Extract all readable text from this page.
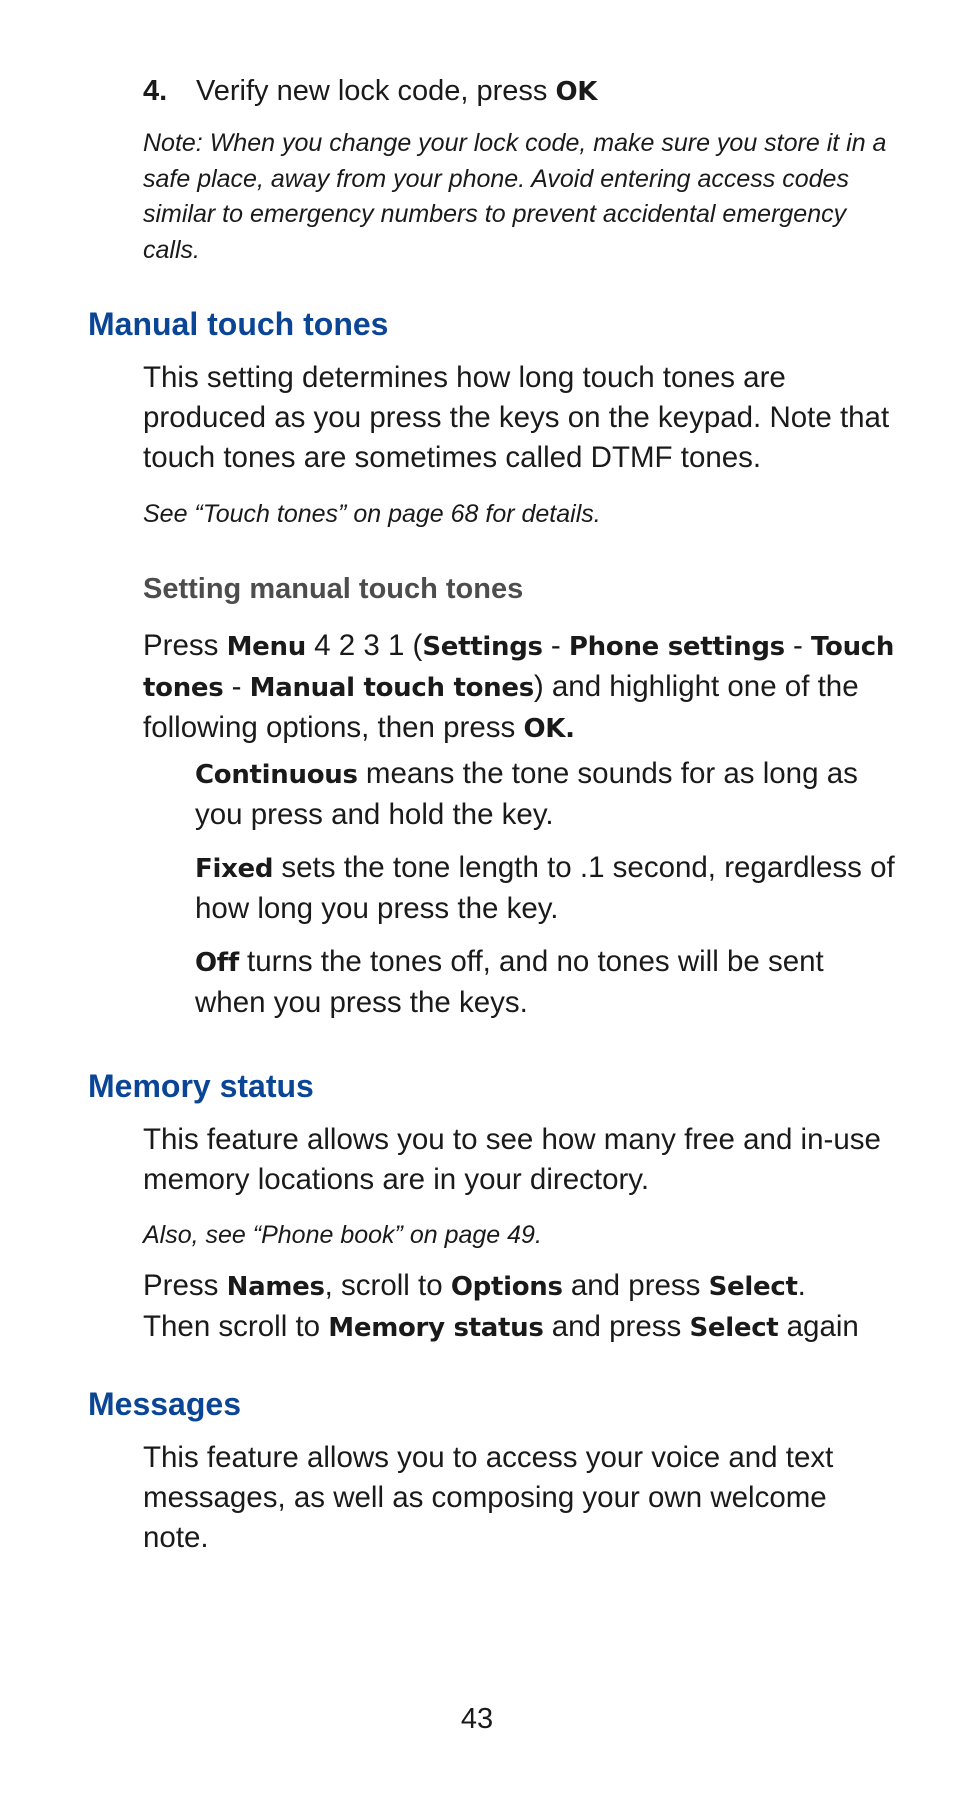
4. Verify new lock code, press OK
Note: When you change your lock code, make sure you store it in a safe place, away from your phone. Avoid entering access codes similar to emergency numbers to prevent accidental emergency calls.
Manual touch tones
This setting determines how long touch tones are produced as you press the keys on the keypad. Note that touch tones are sometimes called DTMF tones.
See “Touch tones” on page 68 for details.
Setting manual touch tones
Press Menu 4 2 3 1 (Settings - Phone settings - Touch tones - Manual touch tones) and highlight one of the following options, then press OK.
Continuous means the tone sounds for as long as you press and hold the key.
Fixed sets the tone length to .1 second, regardless of how long you press the key.
Off turns the tones off, and no tones will be sent when you press the keys.
Memory status
This feature allows you to see how many free and in-use memory locations are in your directory.
Also, see “Phone book” on page 49.
Press Names, scroll to Options and press Select.
Then scroll to Memory status and press Select again
Messages
This feature allows you to access your voice and text messages, as well as composing your own welcome note.
43
